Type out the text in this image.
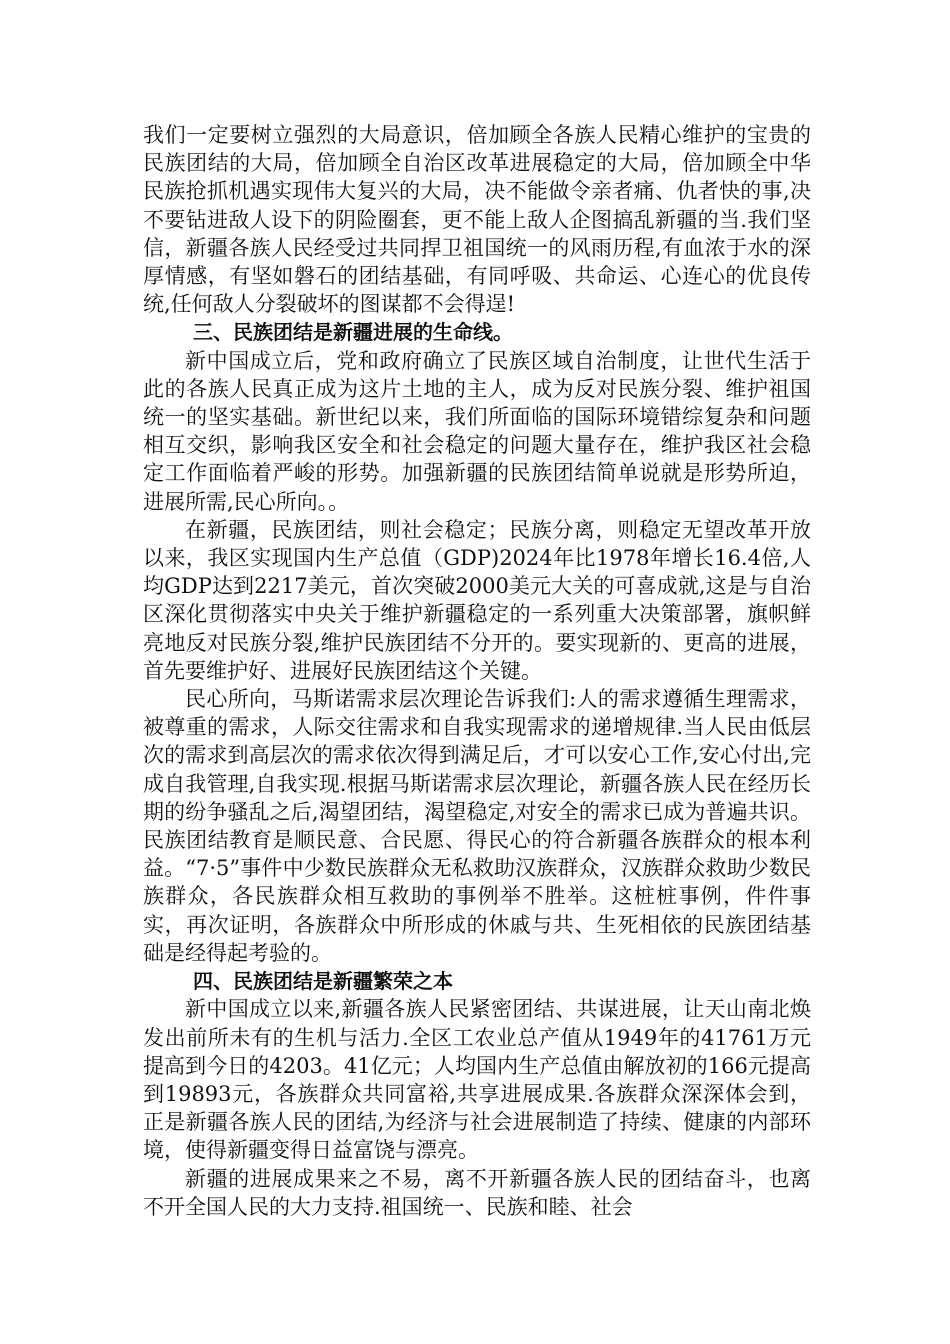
我们一定要树立强烈的大局意识，倍加顾全各族人民精心维护的宝贵的民族团结的大局，倍加顾全自治区改革进展稳定的大局，倍加顾全中华民族抢抓机遇实现伟大复兴的大局，决不能做令亲者痛、仇者快的事,决不要钻进敌人设下的阴险圈套，更不能上敌人企图搞乱新疆的当.我们坚信，新疆各族人民经受过共同捍卫祖国统一的风雨历程,有血浓于水的深厚情感，有坚如磐石的团结基础，有同呼吸、共命运、心连心的优良传统,任何敌人分裂破坏的图谋都不会得逞!

三、民族团结是新疆进展的生命线。

新中国成立后，党和政府确立了民族区域自治制度，让世代生活于此的各族人民真正成为这片土地的主人，成为反对民族分裂、维护祖国统一的坚实基础。新世纪以来，我们所面临的国际环境错综复杂和问题相互交织，影响我区安全和社会稳定的问题大量存在，维护我区社会稳定工作面临着严峻的形势。加强新疆的民族团结简单说就是形势所迫，进展所需,民心所向。。

在新疆，民族团结，则社会稳定；民族分离，则稳定无望改革开放以来，我区实现国内生产总值（GDP)2024年比1978年增长16.4倍,人均GDP达到2217美元，首次突破2000美元大关的可喜成就,这是与自治区深化贯彻落实中央关于维护新疆稳定的一系列重大决策部署，旗帜鲜亮地反对民族分裂,维护民族团结不分开的。要实现新的、更高的进展，首先要维护好、进展好民族团结这个关键。

民心所向，马斯诺需求层次理论告诉我们:人的需求遵循生理需求，被尊重的需求，人际交往需求和自我实现需求的递增规律.当人民由低层次的需求到高层次的需求依次得到满足后，才可以安心工作,安心付出,完成自我管理,自我实现.根据马斯诺需求层次理论，新疆各族人民在经历长期的纷争骚乱之后,渴望团结，渴望稳定,对安全的需求已成为普遍共识。民族团结教育是顺民意、合民愿、得民心的符合新疆各族群众的根本利益。“7·5”事件中少数民族群众无私救助汉族群众，汉族群众救助少数民族群众，各民族群众相互救助的事例举不胜举。这桩桩事例，件件事实，再次证明，各族群众中所形成的休戚与共、生死相依的民族团结基础是经得起考验的。

四、民族团结是新疆繁荣之本

新中国成立以来,新疆各族人民紧密团结、共谋进展，让天山南北焕发出前所未有的生机与活力.全区工农业总产值从1949年的41761万元提高到今日的4203。41亿元；人均国内生产总值由解放初的166元提高到19893元，各族群众共同富裕,共享进展成果.各族群众深深体会到，正是新疆各族人民的团结,为经济与社会进展制造了持续、健康的内部环境，使得新疆变得日益富饶与漂亮。

新疆的进展成果来之不易，离不开新疆各族人民的团结奋斗，也离不开全国人民的大力支持.祖国统一、民族和睦、社会
